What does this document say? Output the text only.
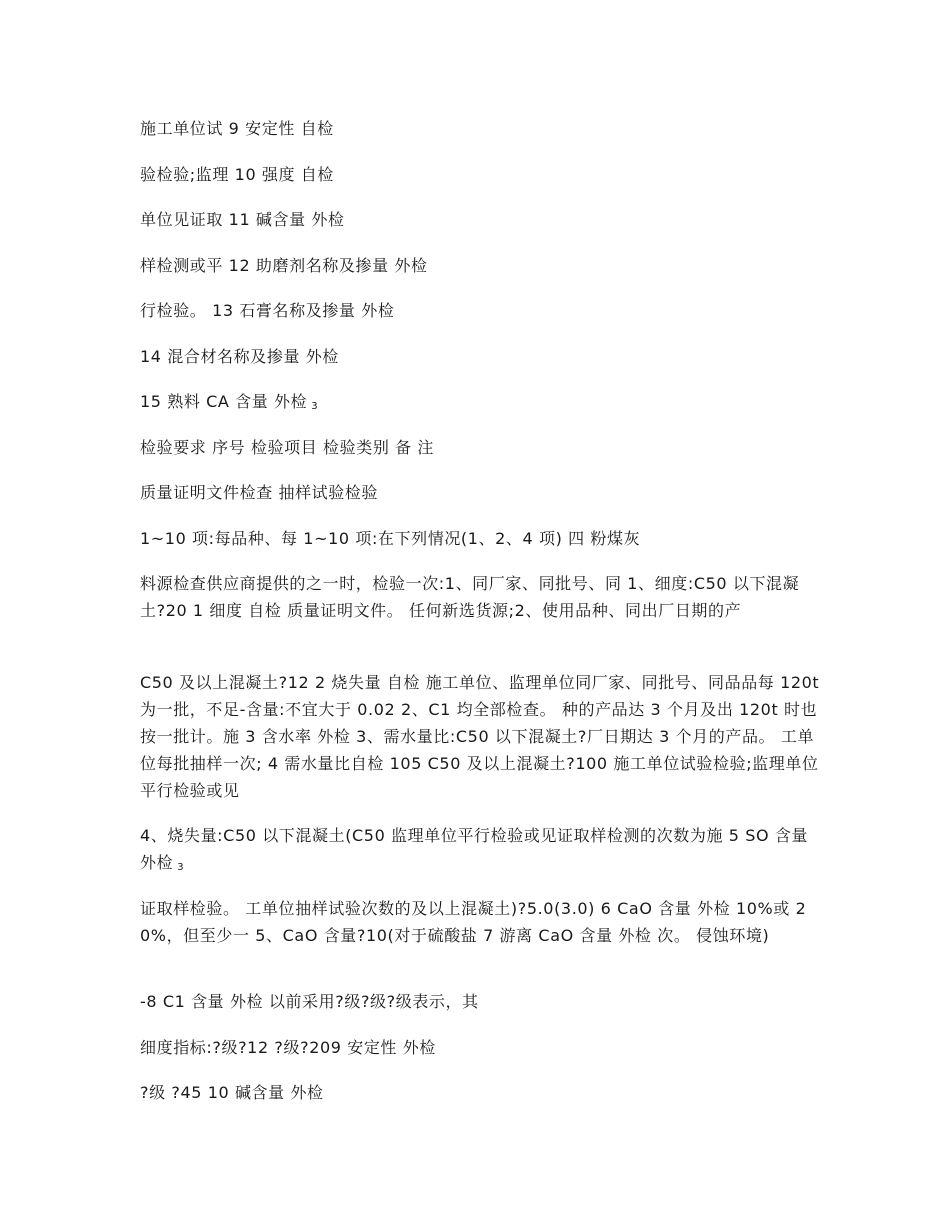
施工单位试 9 安定性 自检
验检验;监理 10 强度 自检
单位见证取 11 碱含量 外检
样检测或平 12 助磨剂名称及掺量 外检
行检验。 13 石膏名称及掺量 外检
14 混合材名称及掺量 外检
15 熟料 CA 含量 外检 $_3$
检验要求 序号 检验项目 检验类别 备 注
质量证明文件检查 抽样试验检验
1~10 项:每品种、每 1~10 项:在下列情况(1、2、4 项) 四 粉煤灰
料源检查供应商提供的之一时，检验一次:1、同厂家、同批号、同 1、细度:C50 以下混凝土?20 1 细度 自检 质量证明文件。 任何新选货源;2、使用品种、同出厂日期的产
C50 及以上混凝土?12 2 烧失量 自检 施工单位、监理单位同厂家、同批号、同品品每 120t 为一批，不足-含量:不宜大于 0.02 2、C1 均全部检查。 种的产品达 3 个月及出 120t 时也按一批计。施 3 含水率 外检 3、需水量比:C50 以下混凝土?厂日期达 3 个月的产品。 工单位每批抽样一次; 4 需水量比自检 105 C50 及以上混凝土?100 施工单位试验检验;监理单位平行检验或见
4、烧失量:C50 以下混凝土(C50 监理单位平行检验或见证取样检测的次数为施 5 SO 含量 外检 $_3$
证取样检验。 工单位抽样试验次数的及以上混凝土)?5.0(3.0) 6 CaO 含量 外检 10%或 20%，但至少一 5、CaO 含量?10(对于硫酸盐 7 游离 CaO 含量 外检 次。 侵蚀环境)
-8 C1 含量 外检 以前采用?级?级?级表示，其
细度指标:?级?12 ?级?209 安定性 外检
?级 ?45 10 碱含量 外检
